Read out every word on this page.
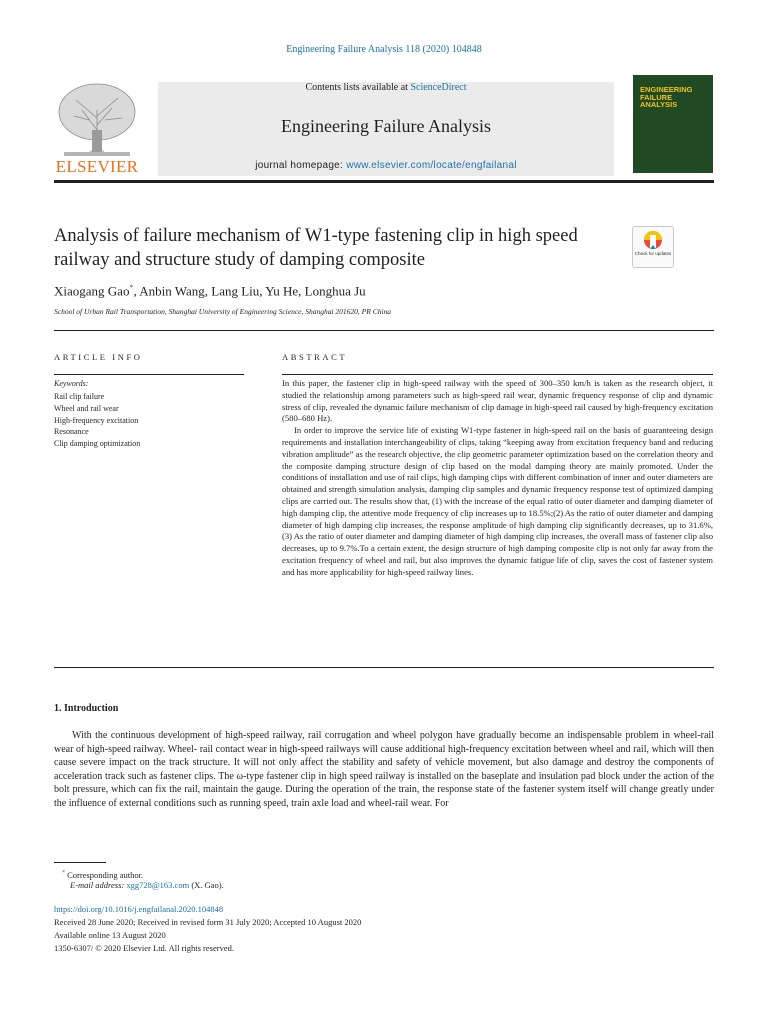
Engineering Failure Analysis 118 (2020) 104848
ELSEVIER
Contents lists available at ScienceDirect
Engineering Failure Analysis
journal homepage: www.elsevier.com/locate/engfailanal
ENGINEERING FAILURE ANALYSIS
Analysis of failure mechanism of W1-type fastening clip in high speed railway and structure study of damping composite	Check for updates
Xiaogang Gao*, Anbin Wang, Lang Liu, Yu He, Longhua Ju
School of Urban Rail Transportation, Shanghai University of Engineering Science, Shanghai 201620, PR China
ARTICLE INFO	ABSTRACT
Keywords:
Rail clip failure
Wheel and rail wear
High-frequency excitation
Resonance
Clip damping optimization

In this paper, the fastener clip in high-speed railway with the speed of 300–350 km/h is taken as the research object, it studied the relationship among parameters such as high-speed rail wear, dynamic frequency response of clip and dynamic stress of clip, revealed the dynamic failure mechanism of clip damage in high-speed rail caused by high-frequency excitation (580–680 Hz).

In order to improve the service life of existing W1-type fastener in high-speed rail on the basis of guaranteeing design requirements and installation interchangeability of clips, taking “keeping away from excitation frequency band and reducing vibration amplitude” as the research objective, the clip geometric parameter optimization based on the correlation theory and the composite damping structure design of clip based on the modal damping theory are mainly promoted. Under the conditions of installation and use of rail clips, high damping clips with different combination of inner and outer diameters are obtained and strength simulation analysis, damping clip samples and dynamic frequency response test of optimized damping clips are carried out. The results show that, (1) with the increase of the equal ratio of outer diameter and damping diameter of high damping clip, the attentive mode frequency of clip increases up to 18.5%;(2) As the ratio of outer diameter and damping diameter of high damping clip increases, the response amplitude of high damping clip significantly decreases, up to 31.6%, (3) As the ratio of outer diameter and damping diameter of high damping clip increases, the overall mass of fastener clip also decreases, up to 9.7%.To a certain extent, the design structure of high damping composite clip is not only far away from the excitation frequency of wheel and rail, but also improves the dynamic fatigue life of clip, saves the cost of fastener system and has more applicability for high-speed railway lines.

1. Introduction

With the continuous development of high-speed railway, rail corrugation and wheel polygon have gradually become an indispensable problem in wheel-rail wear of high-speed railway. Wheel- rail contact wear in high-speed railways will cause additional high-frequency excitation between wheel and rail, which will then cause severe impact on the track structure. It will not only affect the stability and safety of vehicle movement, but also damage and destroy the components of acceleration track such as fastener clips. The ω-type fastener clip in high speed railway is installed on the baseplate and insulation pad block under the action of the bolt pressure, which can fix the rail, maintain the gauge. During the operation of the train, the response state of the fastener system itself will change greatly under the influence of external conditions such as running speed, train axle load and wheel-rail wear. For

* Corresponding author.
E-mail address: xgg728@163.com (X. Gao).
https://doi.org/10.1016/j.engfailanal.2020.104848
Received 28 June 2020; Received in revised form 31 July 2020; Accepted 10 August 2020
Available online 13 August 2020
1350-6307/ © 2020 Elsevier Ltd. All rights reserved.
